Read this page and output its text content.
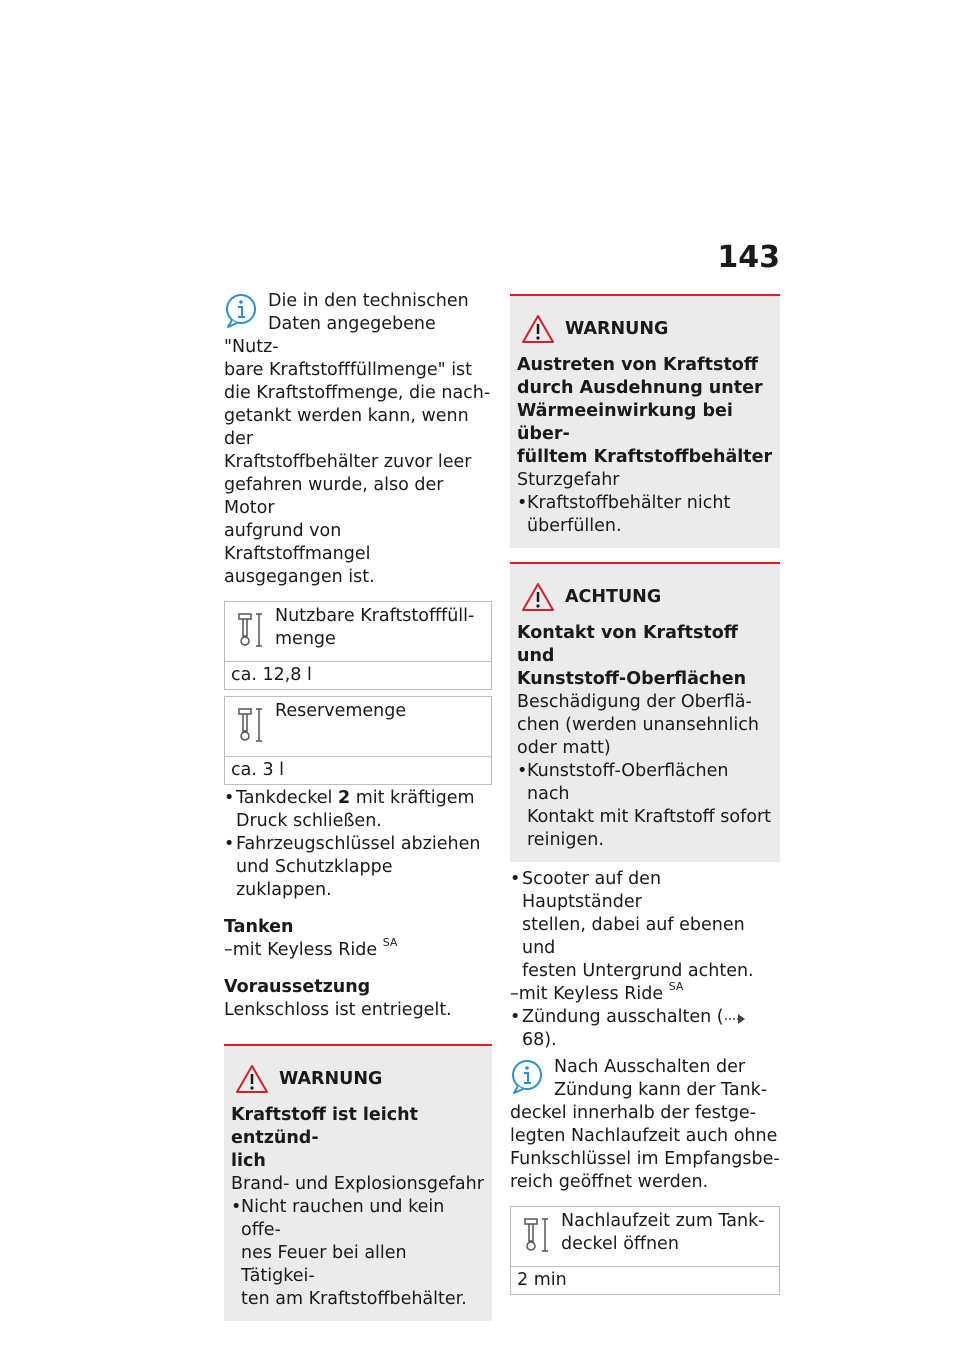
143

Die in den technischen
Daten angegebene "Nutz-
bare Kraftstofffüllmenge" ist
die Kraftstoffmenge, die nach-
getankt werden kann, wenn der
Kraftstoffbehälter zuvor leer
gefahren wurde, also der Motor
aufgrund von Kraftstoffmangel
ausgegangen ist.

Nutzbare Kraftstofffüll-
menge
ca. 12,8 l
Reservemenge
ca. 3 l
• Tankdeckel 2 mit kräftigem
Druck schließen.
• Fahrzeugschlüssel abziehen
und Schutzklappe zuklappen.

Tanken

–mit Keyless Ride $^{SA}$

Voraussetzung

Lenkschloss ist entriegelt.

WARNUNG

Kraftstoff ist leicht entzünd-
lich

Brand- und Explosionsgefahr

• Nicht rauchen und kein offe-
nes Feuer bei allen Tätigkei-
ten am Kraftstoffbehälter.
WARNUNG

Austreten von Kraftstoff
durch Ausdehnung unter
Wärmeeinwirkung bei über-
fülltem Kraftstoffbehälter

Sturzgefahr

• Kraftstoffbehälter nicht
überfüllen.
ACHTUNG

Kontakt von Kraftstoff und
Kunststoff-Oberflächen

Beschädigung der Oberflä-
chen (werden unansehnlich
oder matt)

• Kunststoff-Oberflächen nach
Kontakt mit Kraftstoff sofort
reinigen.
• Scooter auf den Hauptständer
stellen, dabei auf ebenen und
festen Untergrund achten.

–mit Keyless Ride $^{SA}$

• Zündung ausschalten ( 68).

Nach Ausschalten der
Zündung kann der Tank-
deckel innerhalb der festge-
legten Nachlaufzeit auch ohne
Funkschlüssel im Empfangsbe-
reich geöffnet werden.

Nachlaufzeit zum Tank-
deckel öffnen
2 min
